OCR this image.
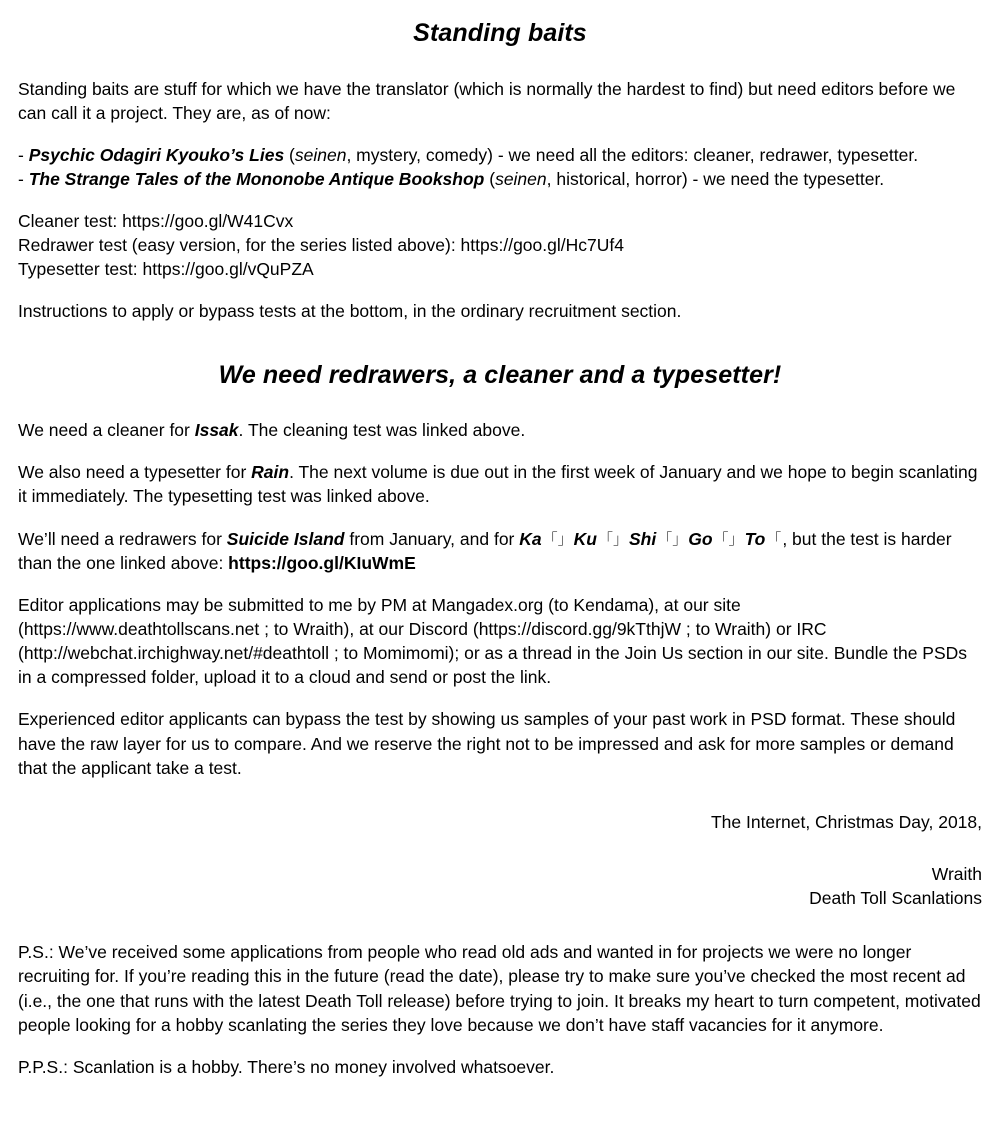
Standing baits

Standing baits are stuff for which we have the translator (which is normally the hardest to find) but need editors before we can call it a project. They are, as of now:

- Psychic Odagiri Kyouko’s Lies (seinen, mystery, comedy) - we need all the editors: cleaner, redrawer, typesetter.

- The Strange Tales of the Mononobe Antique Bookshop (seinen, historical, horror) - we need the typesetter.

Cleaner test: https://goo.gl/W41Cvx

Redrawer test (easy version, for the series listed above): https://goo.gl/Hc7Uf4

Typesetter test: https://goo.gl/vQuPZA

Instructions to apply or bypass tests at the bottom, in the ordinary recruitment section.

We need redrawers, a cleaner and a typesetter!

We need a cleaner for Issak. The cleaning test was linked above.

We also need a typesetter for Rain. The next volume is due out in the first week of January and we hope to begin scanlating it immediately. The typesetting test was linked above.

We’ll need a redrawers for Suicide Island from January, and for Ka「」Ku「」Shi「」Go「」To「, but the test is harder than the one linked above: https://goo.gl/KIuWmE

Editor applications may be submitted to me by PM at Mangadex.org (to Kendama), at our site (https://www.deathtollscans.net ; to Wraith), at our Discord (https://discord.gg/9kTthjW ; to Wraith) or IRC (http://webchat.irchighway.net/#deathtoll ; to Momimomi); or as a thread in the Join Us section in our site. Bundle the PSDs in a compressed folder, upload it to a cloud and send or post the link.

Experienced editor applicants can bypass the test by showing us samples of your past work in PSD format. These should have the raw layer for us to compare. And we reserve the right not to be impressed and ask for more samples or demand that the applicant take a test.

The Internet, Christmas Day, 2018,

Wraith

Death Toll Scanlations

P.S.: We’ve received some applications from people who read old ads and wanted in for projects we were no longer recruiting for. If you’re reading this in the future (read the date), please try to make sure you’ve checked the most recent ad (i.e., the one that runs with the latest Death Toll release) before trying to join. It breaks my heart to turn competent, motivated people looking for a hobby scanlating the series they love because we don’t have staff vacancies for it anymore.

P.P.S.: Scanlation is a hobby. There’s no money involved whatsoever.
